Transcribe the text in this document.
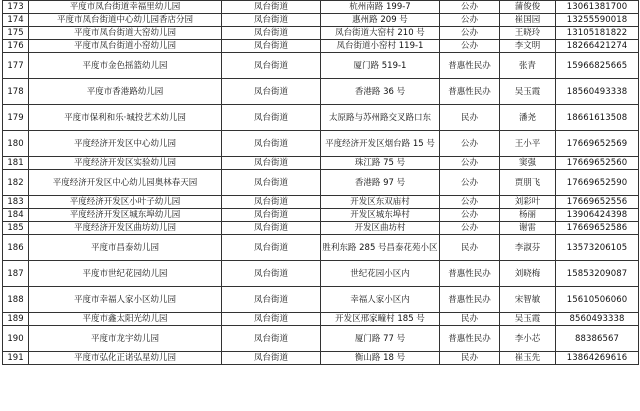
173	平度市凤台街道幸福里幼儿园	凤台街道	杭州南路 199-7	公办	蒲俊俊	13061381700
174	平度市凤台街道中心幼儿园香店分园	凤台街道	惠州路 209 号	公办	崔国园	13255590018
175	平度市凤台街道大窑幼儿园	凤台街道	凤台街道大窑村 210 号	公办	王晓玲	13105181822
176	平度市凤台街道小窑幼儿园	凤台街道	凤台街道小窑村 119-1	公办	李文明	18266421274
177	平度市金色摇篮幼儿园	凤台街道	厦门路 519-1	普惠性民办	张青	15966825665
178	平度市香港路幼儿园	凤台街道	香港路 36 号	普惠性民办	吴玉霞	18560493338
179	平度市保利和乐·城投艺术幼儿园	凤台街道	太原路与苏州路交叉路口东	民办	潘尧	18661613508
180	平度经济开发区中心幼儿园	凤台街道	平度经济开发区烟台路 15 号	公办	王小平	17669652569
181	平度经济开发区实验幼儿园	凤台街道	珠江路 75 号	公办	窦强	17669652560
182	平度经济开发区中心幼儿园奥林春天园	凤台街道	香港路 97 号	公办	贾朋飞	17669652590
183	平度经济开发区小叶子幼儿园	凤台街道	开发区东双庙村	公办	刘彩叶	17669652556
184	平度经济开发区城东埠幼儿园	凤台街道	开发区城东埠村	公办	杨丽	13906424398
185	平度经济开发区曲坊幼儿园	凤台街道	开发区曲坊村	公办	谢雷	17669652586
186	平度市昌泰幼儿园	凤台街道	胜利东路 285 号昌泰花苑小区	民办	李淑芬	13573206105
187	平度市世纪花园幼儿园	凤台街道	世纪花园小区内	普惠性民办	刘晓梅	15853209087
188	平度市幸福人家小区幼儿园	凤台街道	幸福人家小区内	普惠性民办	宋智敏	15610506060
189	平度市鑫太阳光幼儿园	凤台街道	开发区邢家疃村 185 号	民办	吴玉霞	8560493338
190	平度市龙宇幼儿园	凤台街道	厦门路 77 号	普惠性民办	李小芯	88386567
191	平度市弘化正诺弘星幼儿园	凤台街道	衡山路 18 号	民办	崔玉先	13864269616
